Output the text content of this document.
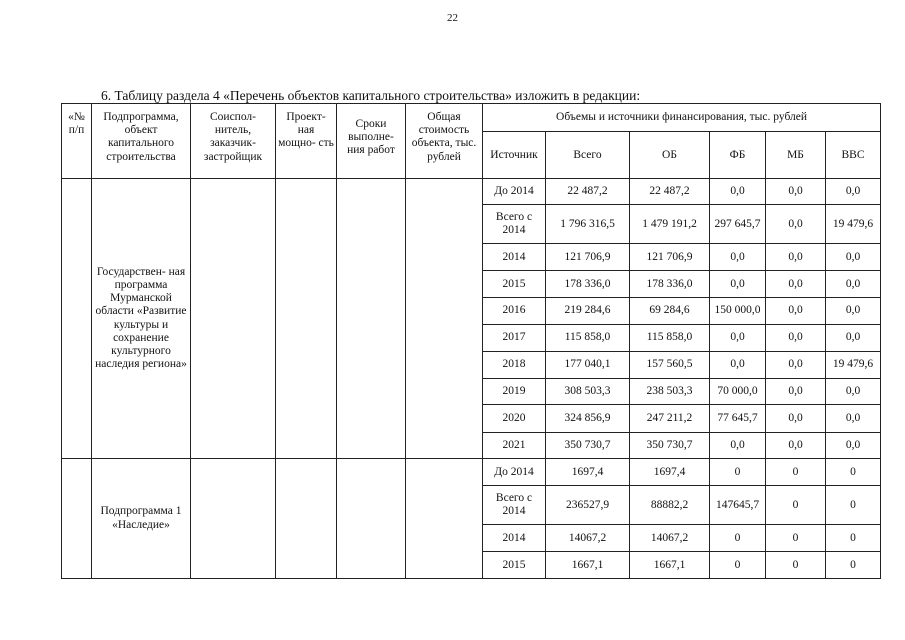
22
6. Таблицу раздела 4 «Перечень объектов капитального строительства» изложить в редакции:
«№ п/п	Подпрограмма, объект капитального строительства	Соиспол- нитель, заказчик- застройщик	Проект- ная мощно- сть	Сроки выполне- ния работ	Общая стоимость объекта, тыс. рублей	Объемы и источники финансирования, тыс. рублей					
						Источник	Всего	ОБ	ФБ	МБ	ВВС
	Государствен- ная программа Мурманской области «Развитие культуры и сохранение культурного наследия региона»					До 2014	22 487,2	22 487,2	0,0	0,0	0,0
						Всего с 2014	1 796 316,5	1 479 191,2	297 645,7	0,0	19 479,6
						2014	121 706,9	121 706,9	0,0	0,0	0,0
						2015	178 336,0	178 336,0	0,0	0,0	0,0
						2016	219 284,6	69 284,6	150 000,0	0,0	0,0
						2017	115 858,0	115 858,0	0,0	0,0	0,0
						2018	177 040,1	157 560,5	0,0	0,0	19 479,6
						2019	308 503,3	238 503,3	70 000,0	0,0	0,0
						2020	324 856,9	247 211,2	77 645,7	0,0	0,0
						2021	350 730,7	350 730,7	0,0	0,0	0,0
	Подпрограмма 1 «Наследие»					До 2014	1697,4	1697,4	0	0	0
						Всего с 2014	236527,9	88882,2	147645,7	0	0
						2014	14067,2	14067,2	0	0	0
						2015	1667,1	1667,1	0	0	0
